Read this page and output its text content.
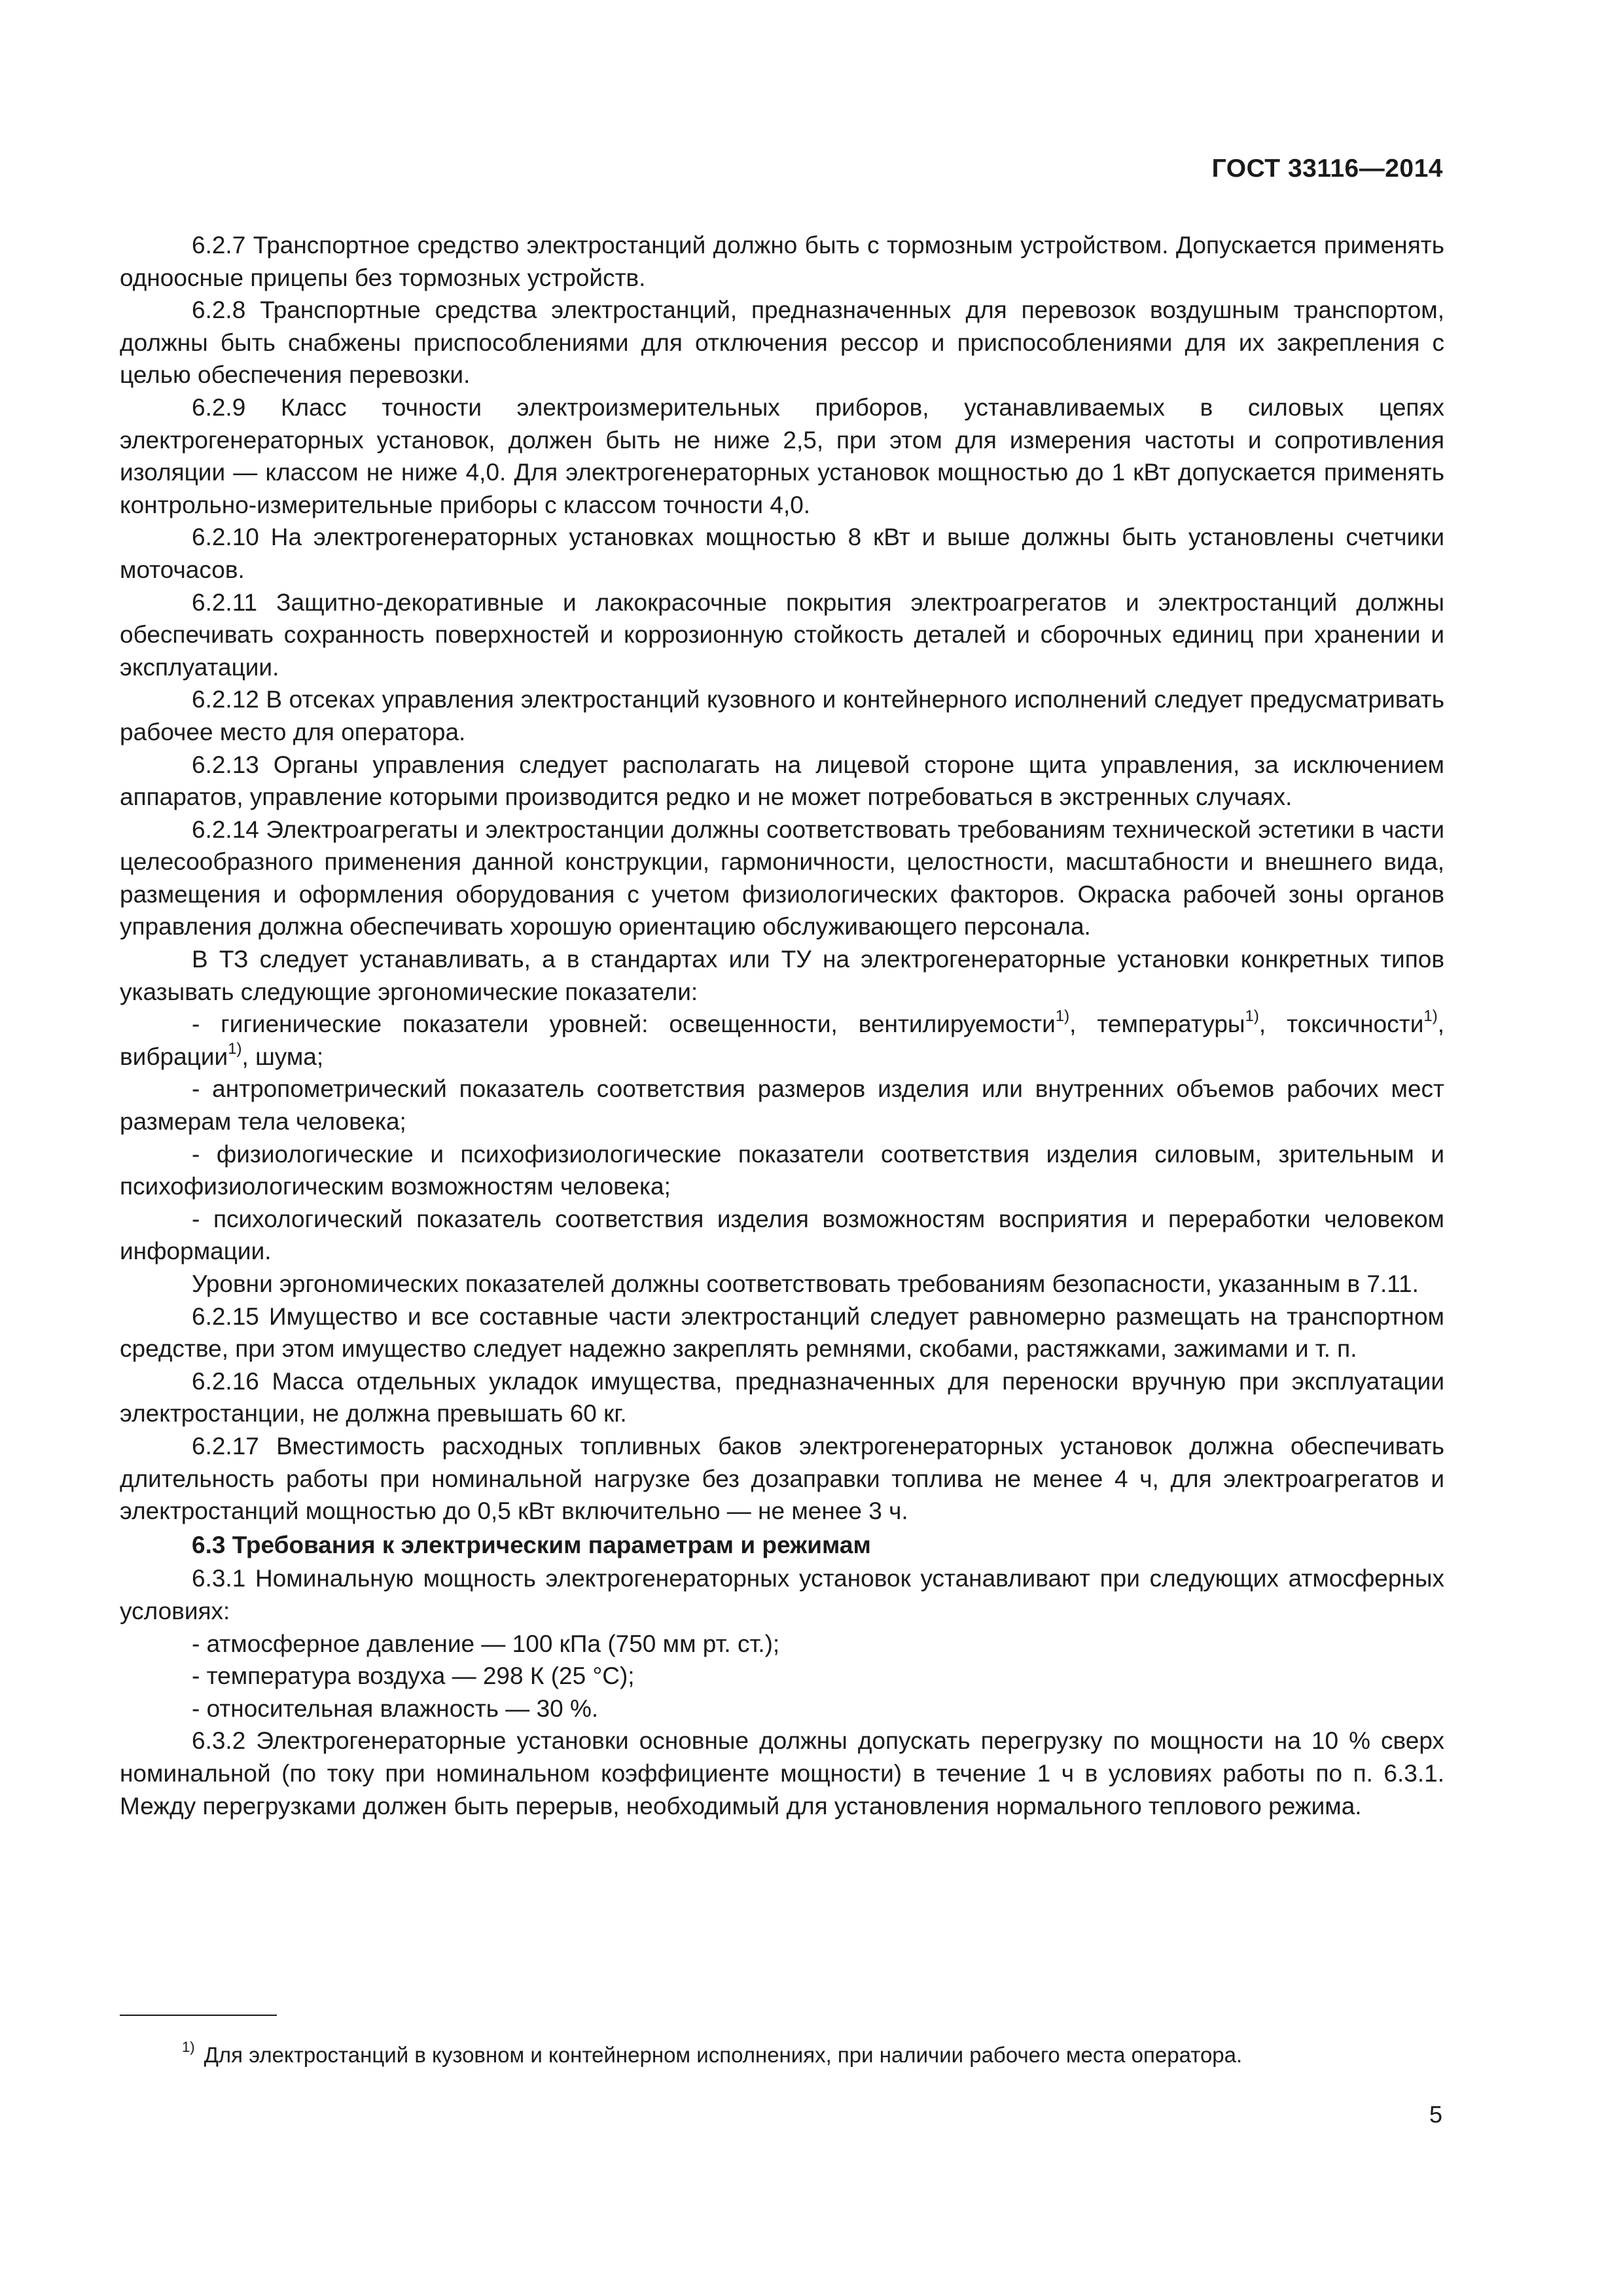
ГОСТ 33116—2014

6.2.7 Транспортное средство электростанций должно быть с тормозным устройством. Допускается применять одноосные прицепы без тормозных устройств.

6.2.8 Транспортные средства электростанций, предназначенных для перевозок воздушным транспортом, должны быть снабжены приспособлениями для отключения рессор и приспособлениями для их закрепления с целью обеспечения перевозки.

6.2.9 Класс точности электроизмерительных приборов, устанавливаемых в силовых цепях электрогенераторных установок, должен быть не ниже 2,5, при этом для измерения частоты и сопротивления изоляции — классом не ниже 4,0. Для электрогенераторных установок мощностью до 1 кВт допускается применять контрольно-измерительные приборы с классом точности 4,0.

6.2.10 На электрогенераторных установках мощностью 8 кВт и выше должны быть установлены счетчики моточасов.

6.2.11 Защитно-декоративные и лакокрасочные покрытия электроагрегатов и электростанций должны обеспечивать сохранность поверхностей и коррозионную стойкость деталей и сборочных единиц при хранении и эксплуатации.

6.2.12 В отсеках управления электростанций кузовного и контейнерного исполнений следует предусматривать рабочее место для оператора.

6.2.13 Органы управления следует располагать на лицевой стороне щита управления, за исключением аппаратов, управление которыми производится редко и не может потребоваться в экстренных случаях.

6.2.14 Электроагрегаты и электростанции должны соответствовать требованиям технической эстетики в части целесообразного применения данной конструкции, гармоничности, целостности, масштабности и внешнего вида, размещения и оформления оборудования с учетом физиологических факторов. Окраска рабочей зоны органов управления должна обеспечивать хорошую ориентацию обслуживающего персонала.

В ТЗ следует устанавливать, а в стандартах или ТУ на электрогенераторные установки конкретных типов указывать следующие эргономические показатели:

- гигиенические показатели уровней: освещенности, вентилируемости$^{1)}$, температуры$^{1)}$, токсичности$^{1)}$, вибрации$^{1)}$, шума;

- антропометрический показатель соответствия размеров изделия или внутренних объемов рабочих мест размерам тела человека;

- физиологические и психофизиологические показатели соответствия изделия силовым, зрительным и психофизиологическим возможностям человека;

- психологический показатель соответствия изделия возможностям восприятия и переработки человеком информации.

Уровни эргономических показателей должны соответствовать требованиям безопасности, указанным в 7.11.

6.2.15 Имущество и все составные части электростанций следует равномерно размещать на транспортном средстве, при этом имущество следует надежно закреплять ремнями, скобами, растяжками, зажимами и т. п.

6.2.16 Масса отдельных укладок имущества, предназначенных для переноски вручную при эксплуатации электростанции, не должна превышать 60 кг.

6.2.17 Вместимость расходных топливных баков электрогенераторных установок должна обеспечивать длительность работы при номинальной нагрузке без дозаправки топлива не менее 4 ч, для электроагрегатов и электростанций мощностью до 0,5 кВт включительно — не менее 3 ч.

6.3 Требования к электрическим параметрам и режимам

6.3.1 Номинальную мощность электрогенераторных установок устанавливают при следующих атмосферных условиях:

- атмосферное давление — 100 кПа (750 мм рт. ст.);

- температура воздуха — 298 К (25 °С);

- относительная влажность — 30 %.

6.3.2 Электрогенераторные установки основные должны допускать перегрузку по мощности на 10 % сверх номинальной (по току при номинальном коэффициенте мощности) в течение 1 ч в условиях работы по п. 6.3.1. Между перегрузками должен быть перерыв, необходимый для установления нормального теплового режима.

$^{1)}$ Для электростанций в кузовном и контейнерном исполнениях, при наличии рабочего места оператора.
5
